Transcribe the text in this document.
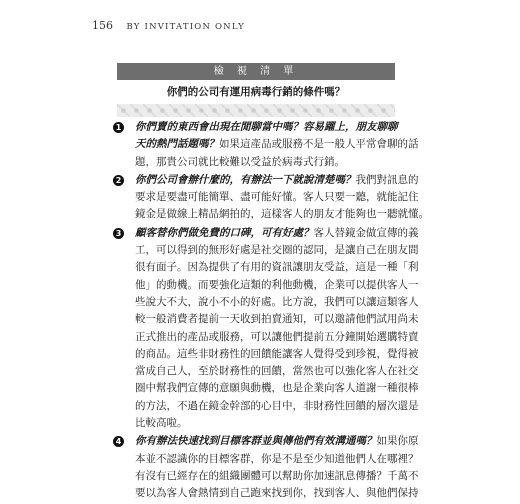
156 BY INVITATION ONLY
檢 視 清 單
你們的公司有運用病毒行銷的條件嗎？
1 你們賣的東西會出現在閒聊當中嗎？容易躍上，朋友聊聊
天的熱門話題嗎？如果這產品或服務不是一般人平常會聊的話
題，那貴公司就比較難以受益於病毒式行銷。
2 你們公司會辦什麼的，有辦法一下就說清楚嗎？我們對訊息的
要求是要盡可能簡單、盡可能好懂。客人只要一聽，就能記住
鏡金是做線上精品網拍的，這樣客人的朋友才能夠也一聽就懂。
3 顧客替你們做免費的口碑，可有好處？客人替鏡金做宣傳的義
工，可以得到的無形好處是社交圈的認同，是讓自己在朋友間
很有面子。因為提供了有用的資訊讓朋友受益，這是一種「利
他」的動機。而要強化這類的利他動機，企業可以提供客人一
些說大不大，說小不小的好處。比方說，我們可以讓這類客人
較一般消費者提前一天收到拍賣通知，可以邀請他們試用尚未
正式推出的產品或服務，可以讓他們提前五分鐘開始選購特賣
的商品。這些非財務性的回饋能讓客人覺得受到珍視，覺得被
當成自己人，至於財務性的回饋，當然也可以強化客人在社交
圈中幫我們宣傳的意願與動機，也是企業向客人道謝一種很棒
的方法，不過在鏡金幹部的心目中，非財務性回饋的層次還是
比較高啦。
4 你有辦法快速找到目標客群並與傳他們有效溝通嗎？如果你原
本並不認識你的目標客群，你是不是至少知道他們人在哪裡？
有沒有已經存在的組織團體可以幫助你加速訊息傳播？千萬不
要以為客人會熱情到自己跑來找到你，找到客人、與他們保持
